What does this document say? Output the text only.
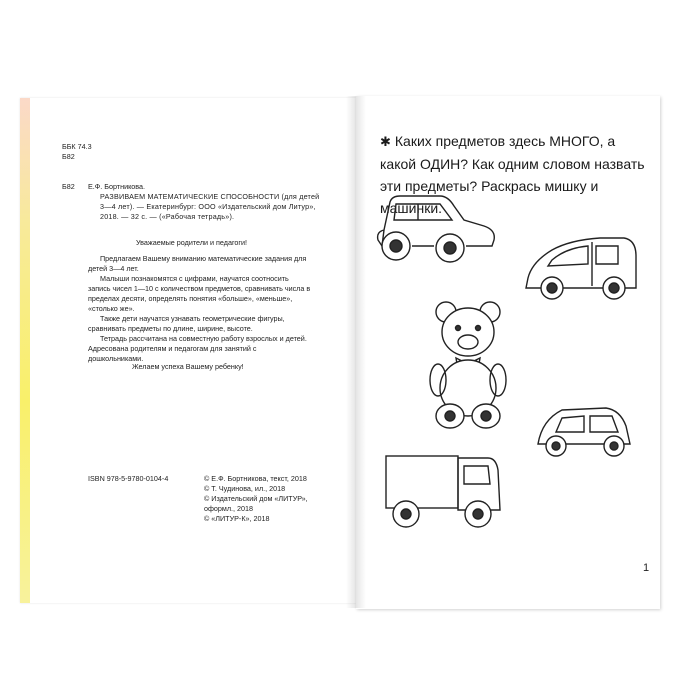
ББК 74.3
Б82
Б82 Е.Ф. Бортникова.
РАЗВИВАЕМ МАТЕМАТИЧЕСКИЕ СПОСОБНОСТИ (для детей 3—4 лет). — Екатеринбург: ООО «Издательский дом Литур», 2018. — 32 с. — («Рабочая тетрадь»).
Уважаемые родители и педагоги!
Предлагаем Вашему вниманию математические задания для детей 3—4 лет.
Малыши познакомятся с цифрами, научатся соотносить запись чисел 1—10 с количеством предметов, сравнивать числа в пределах десяти, определять понятия «больше», «меньше», «столько же».
Также дети научатся узнавать геометрические фигуры, сравнивать предметы по длине, ширине, высоте.
Тетрадь рассчитана на совместную работу взрослых и детей. Адресована родителям и педагогам для занятий с дошкольниками.
Желаем успеха Вашему ребенку!
ISBN 978-5-9780-0104-4	© Е.Ф. Бортникова, текст, 2018
© Т. Чудинова, ил., 2018
© Издательский дом «ЛИТУР», оформл., 2018
© «ЛИТУР-К», 2018
✱ Каких предметов здесь МНОГО, а какой ОДИН? Как одним словом назвать эти предметы? Раскрась мишку и машинки.
1
